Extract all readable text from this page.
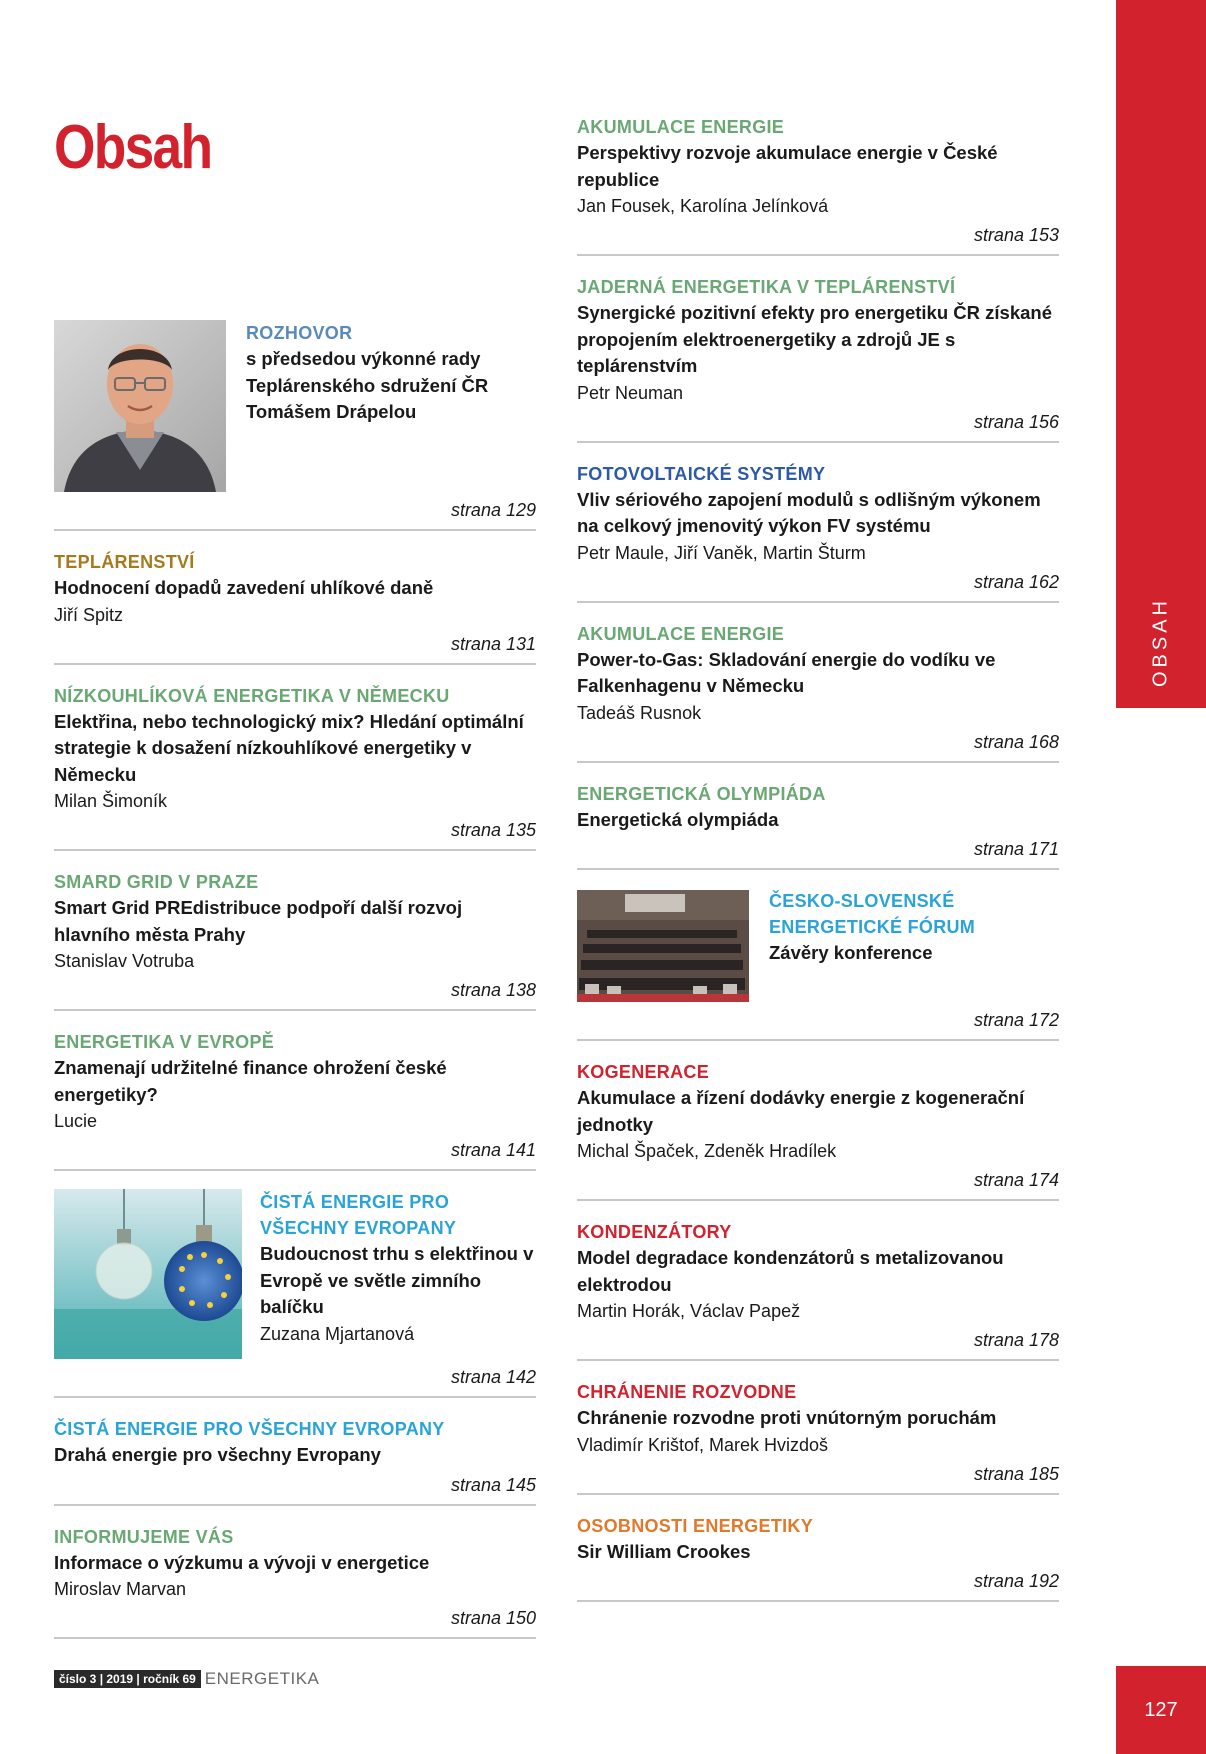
Obsah
OBSAH
ROZHOVOR
s předsedou výkonné rady Teplárenského sdružení ČR Tomášem Drápelou
strana 129
TEPLÁRENSTVÍ
Hodnocení dopadů zavedení uhlíkové daně
Jiří Spitz
strana 131
NÍZKOUHLÍKOVÁ ENERGETIKA V NĚMECKU
Elektřina, nebo technologický mix? Hledání optimální strategie k dosažení nízkouhlíkové energetiky v Německu
Milan Šimoník
strana 135
SMARD GRID V PRAZE
Smart Grid PREdistribuce podpoří další rozvoj hlavního města Prahy
Stanislav Votruba
strana 138
ENERGETIKA V EVROPĚ
Znamenají udržitelné finance ohrožení české energetiky?
Lucie
strana 141
ČISTÁ ENERGIE PRO VŠECHNY EVROPANY
Budoucnost trhu s elektřinou v Evropě ve světle zimního balíčku
Zuzana Mjartanová
strana 142
ČISTÁ ENERGIE PRO VŠECHNY EVROPANY
Drahá energie pro všechny Evropany
strana 145
INFORMUJEME VÁS
Informace o výzkumu a vývoji v energetice
Miroslav Marvan
strana 150
AKUMULACE ENERGIE
Perspektivy rozvoje akumulace energie v České republice
Jan Fousek, Karolína Jelínková
strana 153
JADERNÁ ENERGETIKA V TEPLÁRENSTVÍ
Synergické pozitivní efekty pro energetiku ČR získané propojením elektroenergetiky a zdrojů JE s teplárenstvím
Petr Neuman
strana 156
FOTOVOLTAICKÉ SYSTÉMY
Vliv sériového zapojení modulů s odlišným výkonem na celkový jmenovitý výkon FV systému
Petr Maule, Jiří Vaněk, Martin Šturm
strana 162
AKUMULACE ENERGIE
Power-to-Gas: Skladování energie do vodíku ve Falkenhagenu v Německu
Tadeáš Rusnok
strana 168
ENERGETICKÁ OLYMPIÁDA
Energetická olympiáda
strana 171
ČESKO-SLOVENSKÉ ENERGETICKÉ FÓRUM
Závěry konference
strana 172
KOGENERACE
Akumulace a řízení dodávky energie z kogenerační jednotky
Michal Špaček, Zdeněk Hradílek
strana 174
KONDENZÁTORY
Model degradace kondenzátorů s metalizovanou elektrodou
Martin Horák, Václav Papež
strana 178
CHRÁNENIE ROZVODNE
Chránenie rozvodne proti vnútorným poruchám
Vladimír Krištof, Marek Hvizdoš
strana 185
OSOBNOSTI ENERGETIKY
Sir William Crookes
strana 192
číslo 3 | 2019 | ročník 69 ENERGETIKA
127
